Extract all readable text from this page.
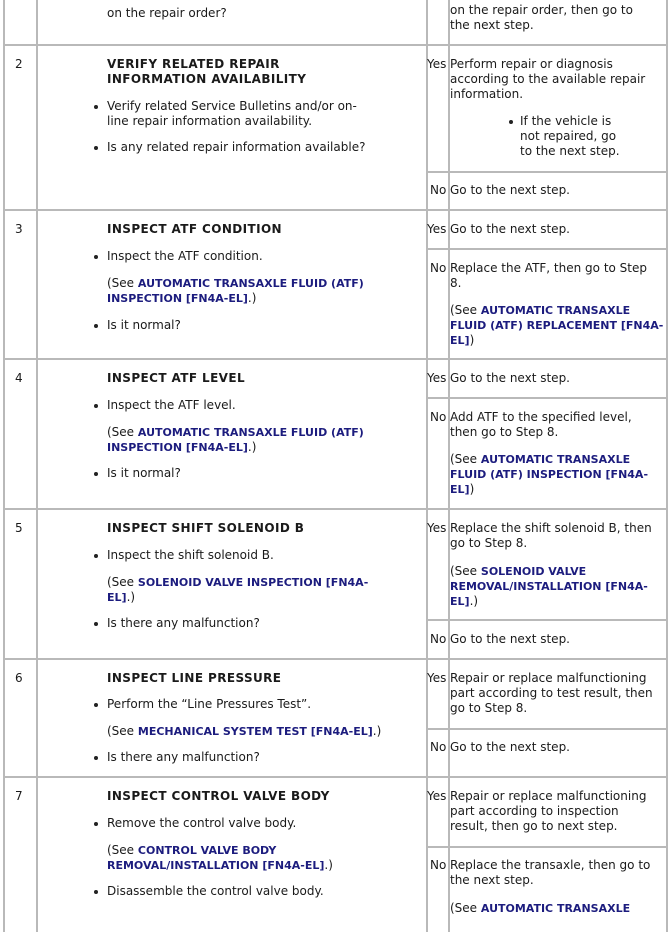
on the repair order?	on the repair order, then go to
the next step.
2	VERIFY RELATED REPAIR
INFORMATION AVAILABILITY
Verify related Service Bulletins and/or on-
line repair information availability.
Is any related repair information available?
Yes Perform repair or diagnosis
according to the available repair
information.
If the vehicle is
not repaired, go
to the next step.
No Go to the next step.
3	INSPECT ATF CONDITION
Inspect the ATF condition.
(See AUTOMATIC TRANSAXLE FLUID (ATF)
INSPECTION [FN4A-EL].)
Is it normal?
Yes Go to the next step.
No Replace the ATF, then go to Step
8.
(See AUTOMATIC TRANSAXLE
FLUID (ATF) REPLACEMENT [FN4A-
EL])
4	INSPECT ATF LEVEL
Inspect the ATF level.
(See AUTOMATIC TRANSAXLE FLUID (ATF)
INSPECTION [FN4A-EL].)
Is it normal?
Yes Go to the next step.
No Add ATF to the specified level,
then go to Step 8.
(See AUTOMATIC TRANSAXLE
FLUID (ATF) INSPECTION [FN4A-
EL])
5	INSPECT SHIFT SOLENOID B
Inspect the shift solenoid B.
(See SOLENOID VALVE INSPECTION [FN4A-
EL].)
Is there any malfunction?
Yes Replace the shift solenoid B, then
go to Step 8.
(See SOLENOID VALVE
REMOVAL/INSTALLATION [FN4A-
EL].)
No Go to the next step.
6	INSPECT LINE PRESSURE
Perform the “Line Pressures Test”.
(See MECHANICAL SYSTEM TEST [FN4A-EL].)
Is there any malfunction?
Yes Repair or replace malfunctioning
part according to test result, then
go to Step 8.
No Go to the next step.
7	INSPECT CONTROL VALVE BODY
Remove the control valve body.
(See CONTROL VALVE BODY
REMOVAL/INSTALLATION [FN4A-EL].)
Disassemble the control valve body.
Yes Repair or replace malfunctioning
part according to inspection
result, then go to next step.
No Replace the transaxle, then go to
the next step.
(See AUTOMATIC TRANSAXLE
